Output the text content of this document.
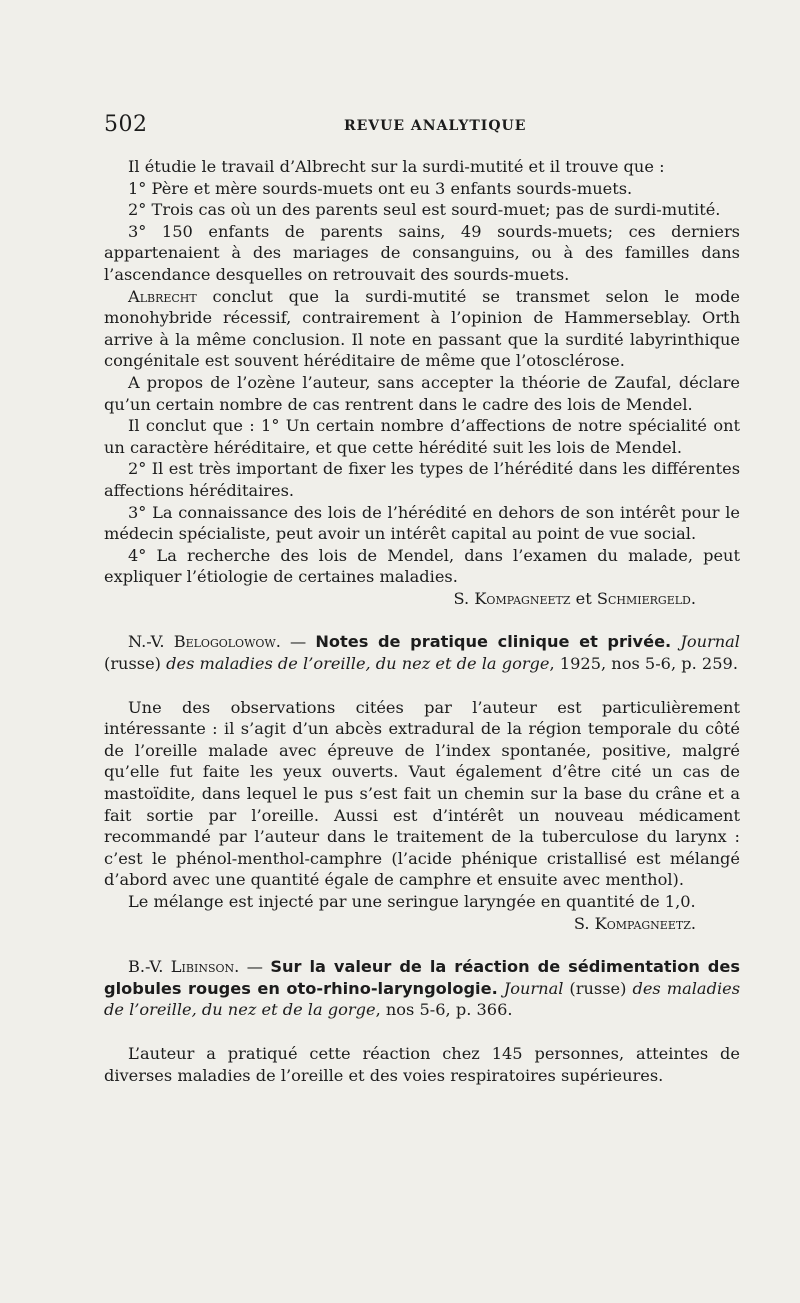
502	REVUE ANALYTIQUE

Il étudie le travail d’Albrecht sur la surdi-mutité et il trouve que :

1° Père et mère sourds-muets ont eu 3 enfants sourds-muets.

2° Trois cas où un des parents seul est sourd-muet; pas de surdi-mutité.

3° 150 enfants de parents sains, 49 sourds-muets; ces derniers appartenaient à des mariages de consanguins, ou à des familles dans l’ascendance desquelles on retrouvait des sourds-muets.

Albrecht conclut que la surdi-mutité se transmet selon le mode monohybride récessif, contrairement à l’opinion de Hammerseblay. Orth arrive à la même conclusion. Il note en passant que la surdité labyrinthique congénitale est souvent héréditaire de même que l’otosclérose.

A propos de l’ozène l’auteur, sans accepter la théorie de Zaufal, déclare qu’un certain nombre de cas rentrent dans le cadre des lois de Mendel.

Il conclut que : 1° Un certain nombre d’affections de notre spécialité ont un caractère héréditaire, et que cette hérédité suit les lois de Mendel.

2° Il est très important de fixer les types de l’hérédité dans les différentes affections héréditaires.

3° La connaissance des lois de l’hérédité en dehors de son intérêt pour le médecin spécialiste, peut avoir un intérêt capital au point de vue social.

4° La recherche des lois de Mendel, dans l’examen du malade, peut expliquer l’étiologie de certaines maladies.

S. Kompagneetz et Schmiergeld.

N.-V. Belogolowow. — Notes de pratique clinique et privée. Journal (russe) des maladies de l’oreille, du nez et de la gorge, 1925, nos 5-6, p. 259.

Une des observations citées par l’auteur est particulièrement intéressante : il s’agit d’un abcès extradural de la région temporale du côté de l’oreille malade avec épreuve de l’index spontanée, positive, malgré qu’elle fut faite les yeux ouverts. Vaut également d’être cité un cas de mastoïdite, dans lequel le pus s’est fait un chemin sur la base du crâne et a fait sortie par l’oreille. Aussi est d’intérêt un nouveau médicament recommandé par l’auteur dans le traitement de la tuberculose du larynx : c’est le phénol-menthol-camphre (l’acide phénique cristallisé est mélangé d’abord avec une quantité égale de camphre et ensuite avec menthol).

Le mélange est injecté par une seringue laryngée en quantité de 1,0.

S. Kompagneetz.

B.-V. Libinson. — Sur la valeur de la réaction de sédimentation des globules rouges en oto-rhino-laryngologie. Journal (russe) des maladies de l’oreille, du nez et de la gorge, nos 5-6, p. 366.

L’auteur a pratiqué cette réaction chez 145 personnes, atteintes de diverses maladies de l’oreille et des voies respiratoires supérieures.
